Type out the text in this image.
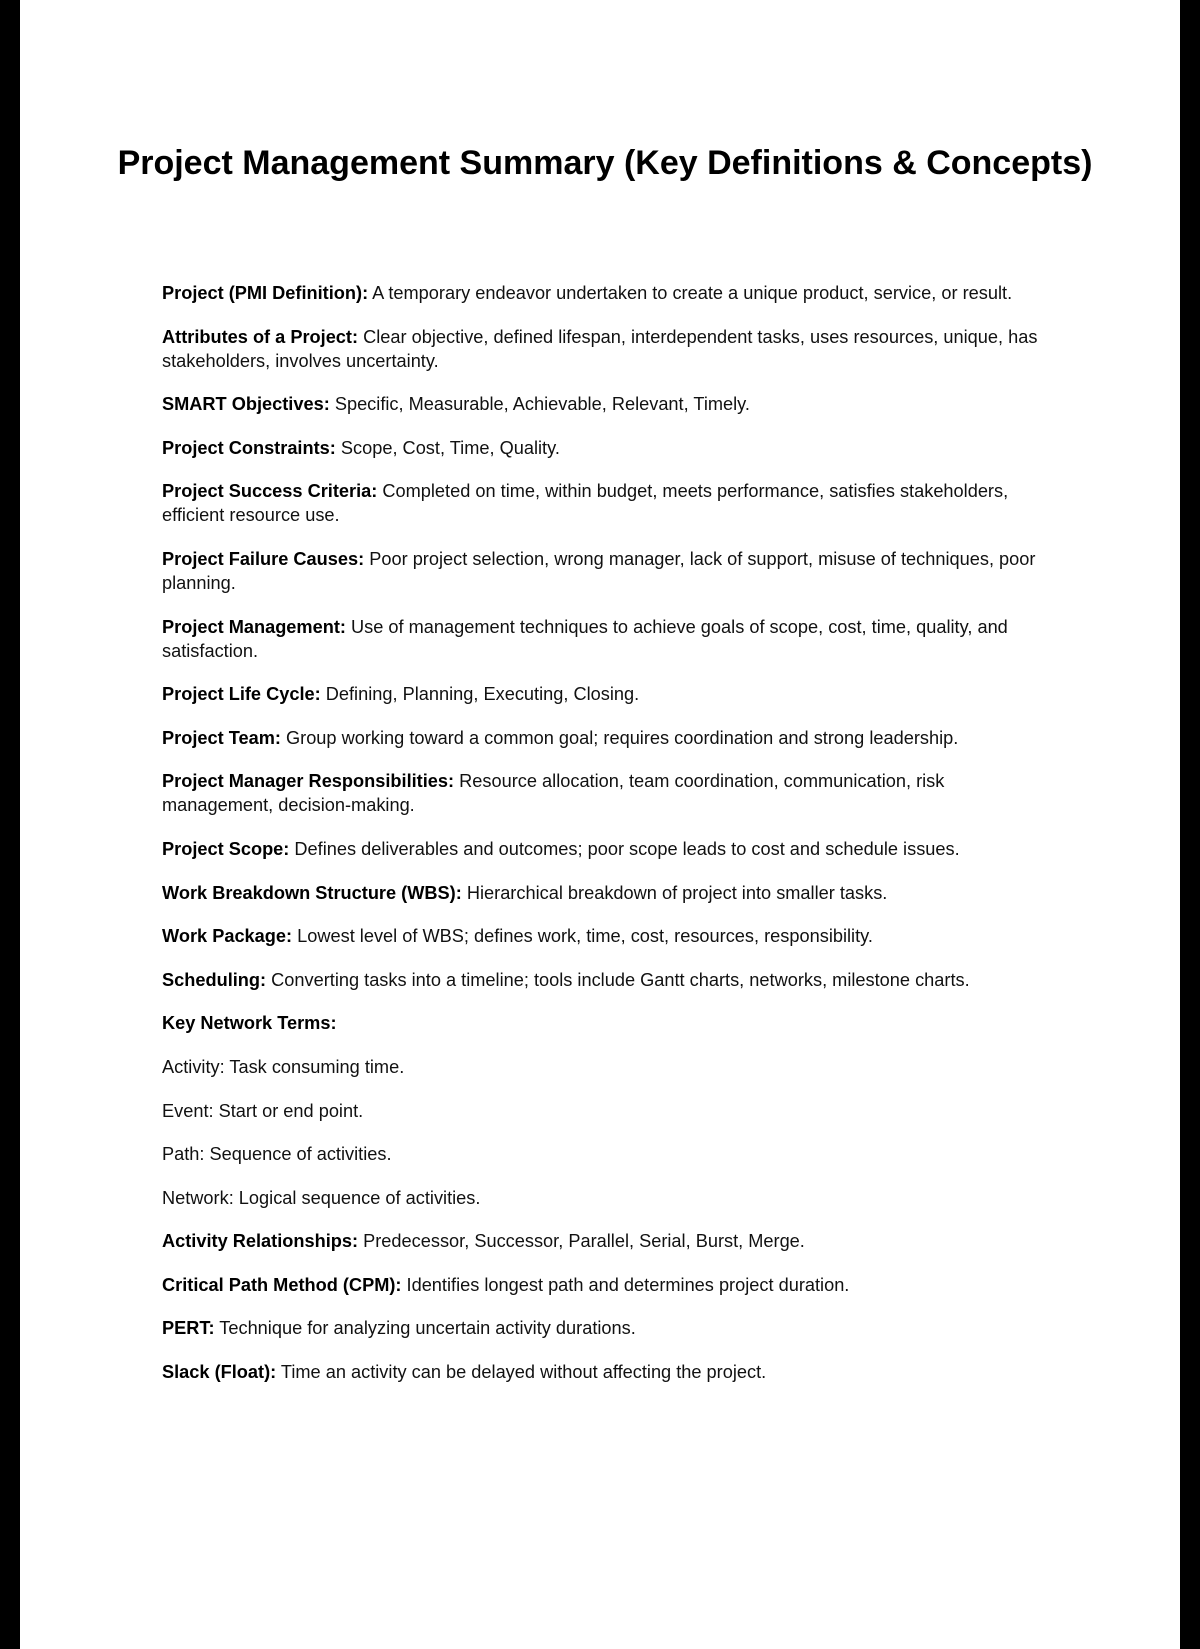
Project Management Summary (Key Definitions & Concepts)

Project (PMI Definition): A temporary endeavor undertaken to create a unique product, service, or result.

Attributes of a Project: Clear objective, defined lifespan, interdependent tasks, uses resources, unique, has stakeholders, involves uncertainty.

SMART Objectives: Specific, Measurable, Achievable, Relevant, Timely.

Project Constraints: Scope, Cost, Time, Quality.

Project Success Criteria: Completed on time, within budget, meets performance, satisfies stakeholders, efficient resource use.

Project Failure Causes: Poor project selection, wrong manager, lack of support, misuse of techniques, poor planning.

Project Management: Use of management techniques to achieve goals of scope, cost, time, quality, and satisfaction.

Project Life Cycle: Defining, Planning, Executing, Closing.

Project Team: Group working toward a common goal; requires coordination and strong leadership.

Project Manager Responsibilities: Resource allocation, team coordination, communication, risk management, decision-making.

Project Scope: Defines deliverables and outcomes; poor scope leads to cost and schedule issues.

Work Breakdown Structure (WBS): Hierarchical breakdown of project into smaller tasks.

Work Package: Lowest level of WBS; defines work, time, cost, resources, responsibility.

Scheduling: Converting tasks into a timeline; tools include Gantt charts, networks, milestone charts.

Key Network Terms:

Activity: Task consuming time.

Event: Start or end point.

Path: Sequence of activities.

Network: Logical sequence of activities.

Activity Relationships: Predecessor, Successor, Parallel, Serial, Burst, Merge.

Critical Path Method (CPM): Identifies longest path and determines project duration.

PERT: Technique for analyzing uncertain activity durations.

Slack (Float): Time an activity can be delayed without affecting the project.
